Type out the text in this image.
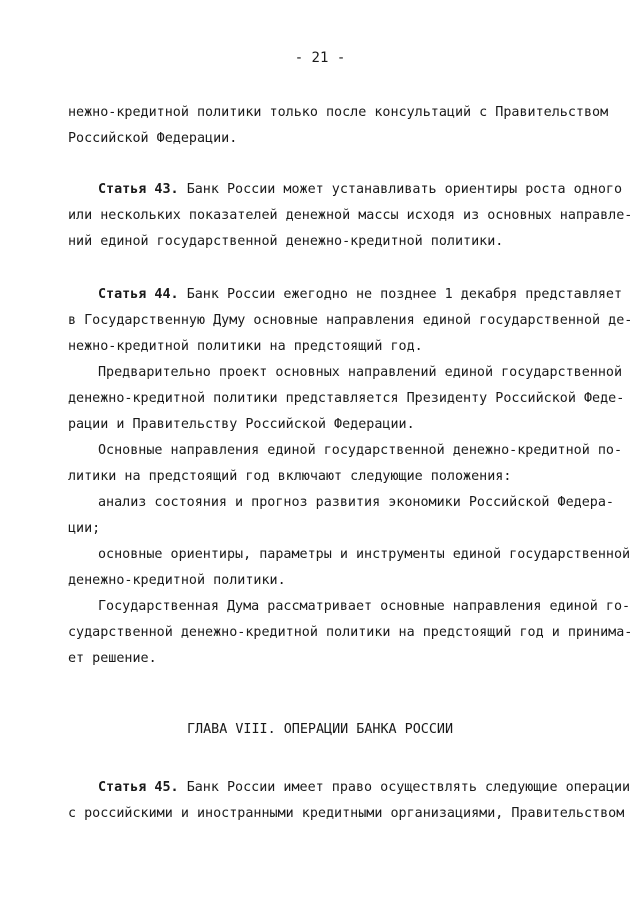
- 21 -
нежно-кредитной политики только после консультаций с Правительством
Российской Федерации.
Статья 43. Банк России может устанавливать ориентиры роста одного
или нескольких показателей денежной массы исходя из основных направле-
ний единой государственной денежно-кредитной политики.
Статья 44. Банк России ежегодно не позднее 1 декабря представляет
в Государственную Думу основные направления единой государственной де-
нежно-кредитной политики на предстоящий год.
Предварительно проект основных направлений единой государственной
денежно-кредитной политики представляется Президенту Российской Феде-
рации и Правительству Российской Федерации.
Основные направления единой государственной денежно-кредитной по-
литики на предстоящий год включают следующие положения:
анализ состояния и прогноз развития экономики Российской Федера-
ции;
основные ориентиры, параметры и инструменты единой государственной
денежно-кредитной политики.
Государственная Дума рассматривает основные направления единой го-
сударственной денежно-кредитной политики на предстоящий год и принима-
ет решение.
Статья 45. Банк России имеет право осуществлять следующие операции
с российскими и иностранными кредитными организациями, Правительством
ГЛАВА VIII. ОПЕРАЦИИ БАНКА РОССИИ
